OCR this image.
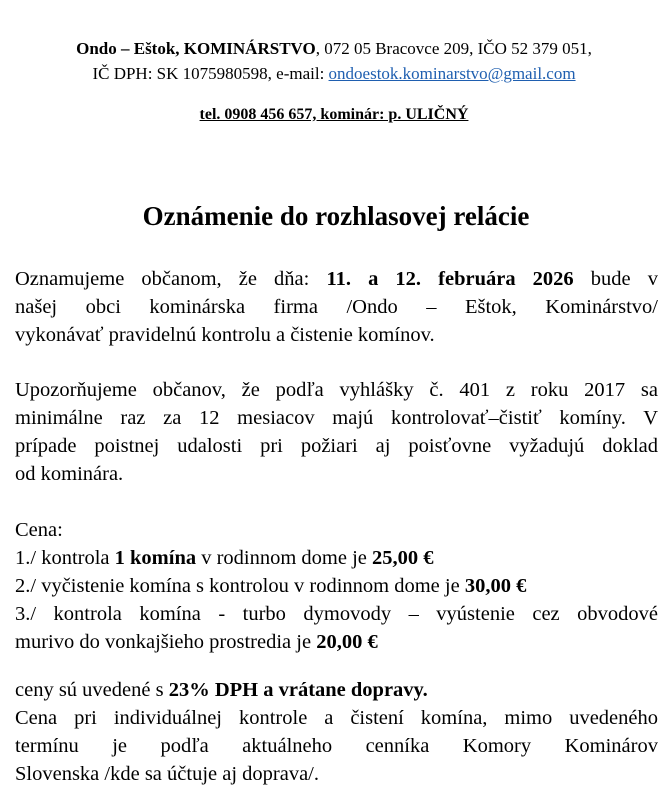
Ondo – Eštok, KOMINÁRSTVO, 072 05 Bracovce 209, IČO 52 379 051,
IČ DPH: SK 1075980598, e-mail: ondoestok.kominarstvo@gmail.com
tel. 0908 456 657, kominár: p. ULIČNÝ
Oznámenie do rozhlasovej relácie
Oznamujeme občanom, že dňa: 11. a 12. februára 2026 bude v
našej obci kominárska firma /Ondo – Eštok, Kominárstvo/
vykonávať pravidelnú kontrolu a čistenie komínov.
Upozorňujeme občanov, že podľa vyhlášky č. 401 z roku 2017 sa
minimálne raz za 12 mesiacov majú kontrolovať–čistiť komíny. V
prípade poistnej udalosti pri požiari aj poisťovne vyžadujú doklad
od kominára.
Cena:
1./ kontrola 1 komína v rodinnom dome je 25,00 €
2./ vyčistenie komína s kontrolou v rodinnom dome je 30,00 €
3./ kontrola komína - turbo dymovody – vyústenie cez obvodové
murivo do vonkajšieho prostredia je 20,00 €
ceny sú uvedené s 23% DPH a vrátane dopravy.
Cena pri individuálnej kontrole a čistení komína, mimo uvedeného
termínu je podľa aktuálneho cenníka Komory Kominárov
Slovenska /kde sa účtuje aj doprava/.
